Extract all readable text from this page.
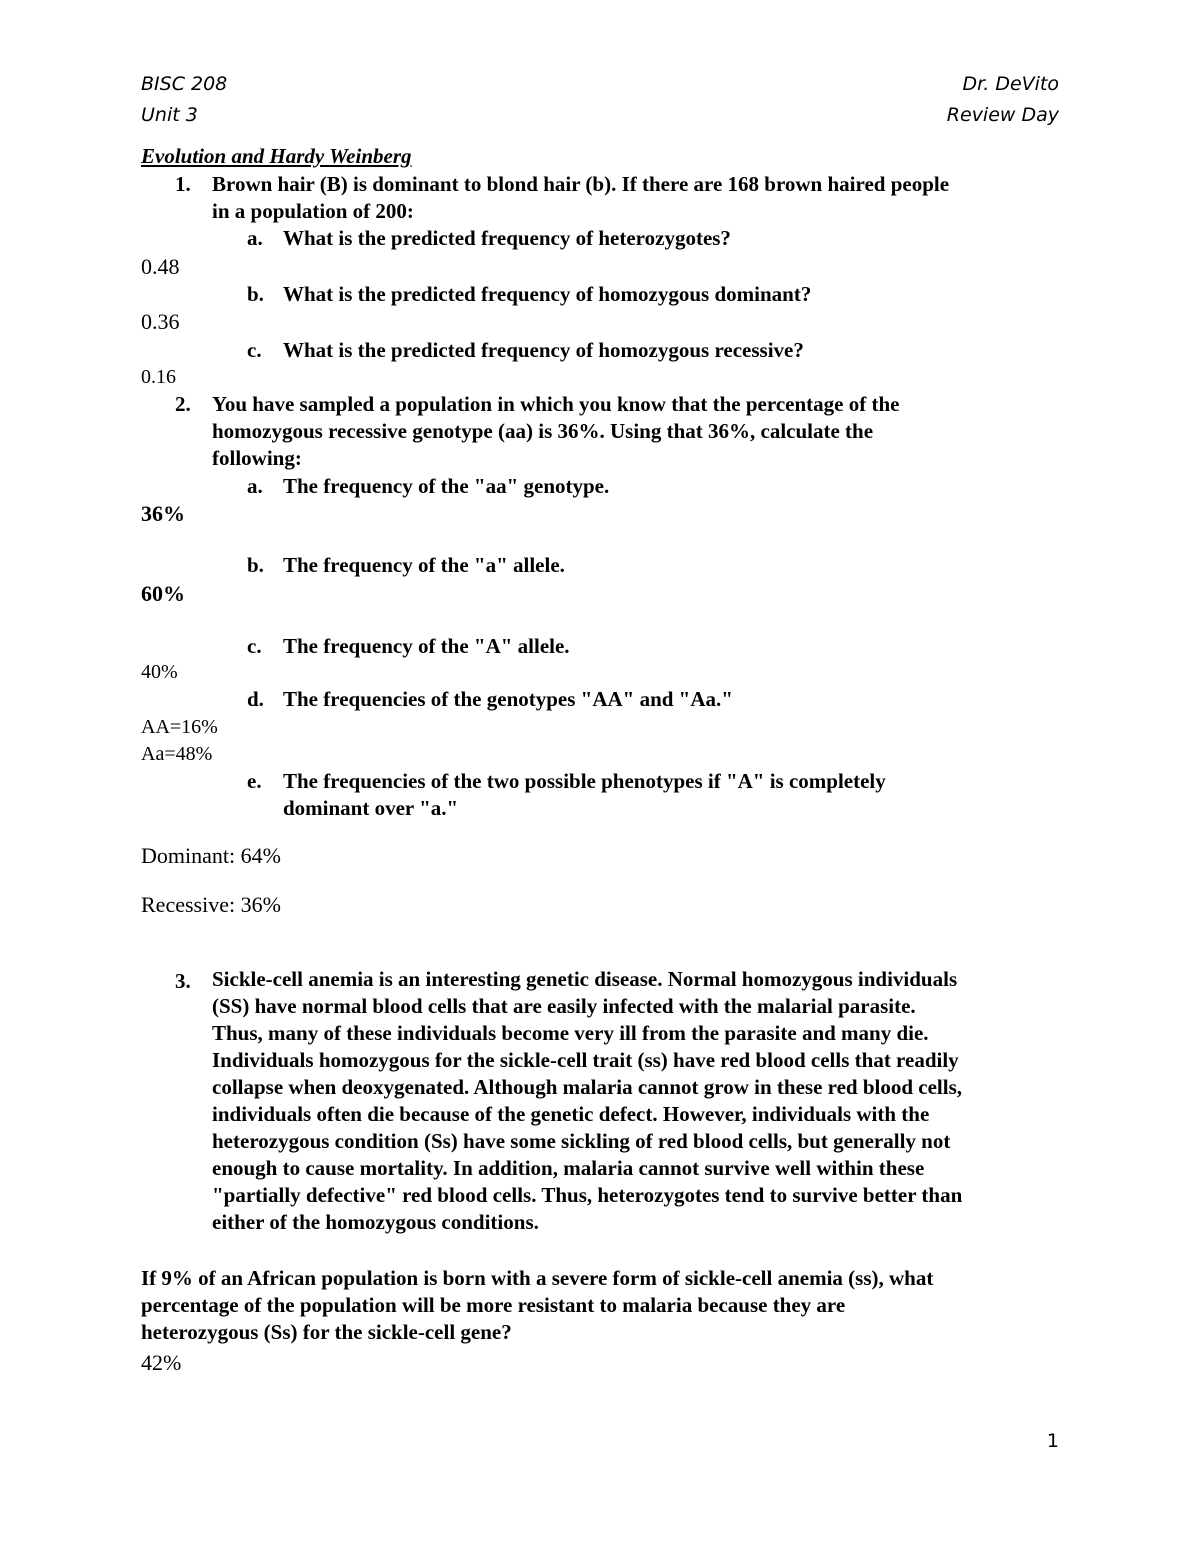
BISC 208
Unit 3
Dr. DeVito
Review Day
Evolution and Hardy Weinberg
1. Brown hair (B) is dominant to blond hair (b). If there are 168 brown haired people
in a population of 200:
a. What is the predicted frequency of heterozygotes?
0.48
b. What is the predicted frequency of homozygous dominant?
0.36
c. What is the predicted frequency of homozygous recessive?
0.16
2. You have sampled a population in which you know that the percentage of the
homozygous recessive genotype (aa) is 36%. Using that 36%, calculate the
following:
a. The frequency of the "aa" genotype.
36%
b. The frequency of the "a" allele.
60%
c. The frequency of the "A" allele.
40%
d. The frequencies of the genotypes "AA" and "Aa."
AA=16%
Aa=48%
e. The frequencies of the two possible phenotypes if "A" is completely
dominant over "a."
Dominant: 64%
Recessive: 36%
3. Sickle-cell anemia is an interesting genetic disease. Normal homozygous individuals
(SS) have normal blood cells that are easily infected with the malarial parasite.
Thus, many of these individuals become very ill from the parasite and many die.
Individuals homozygous for the sickle-cell trait (ss) have red blood cells that readily
collapse when deoxygenated. Although malaria cannot grow in these red blood cells,
individuals often die because of the genetic defect. However, individuals with the
heterozygous condition (Ss) have some sickling of red blood cells, but generally not
enough to cause mortality. In addition, malaria cannot survive well within these
"partially defective" red blood cells. Thus, heterozygotes tend to survive better than
either of the homozygous conditions.
If 9% of an African population is born with a severe form of sickle-cell anemia (ss), what
percentage of the population will be more resistant to malaria because they are
heterozygous (Ss) for the sickle-cell gene?
42%
1
